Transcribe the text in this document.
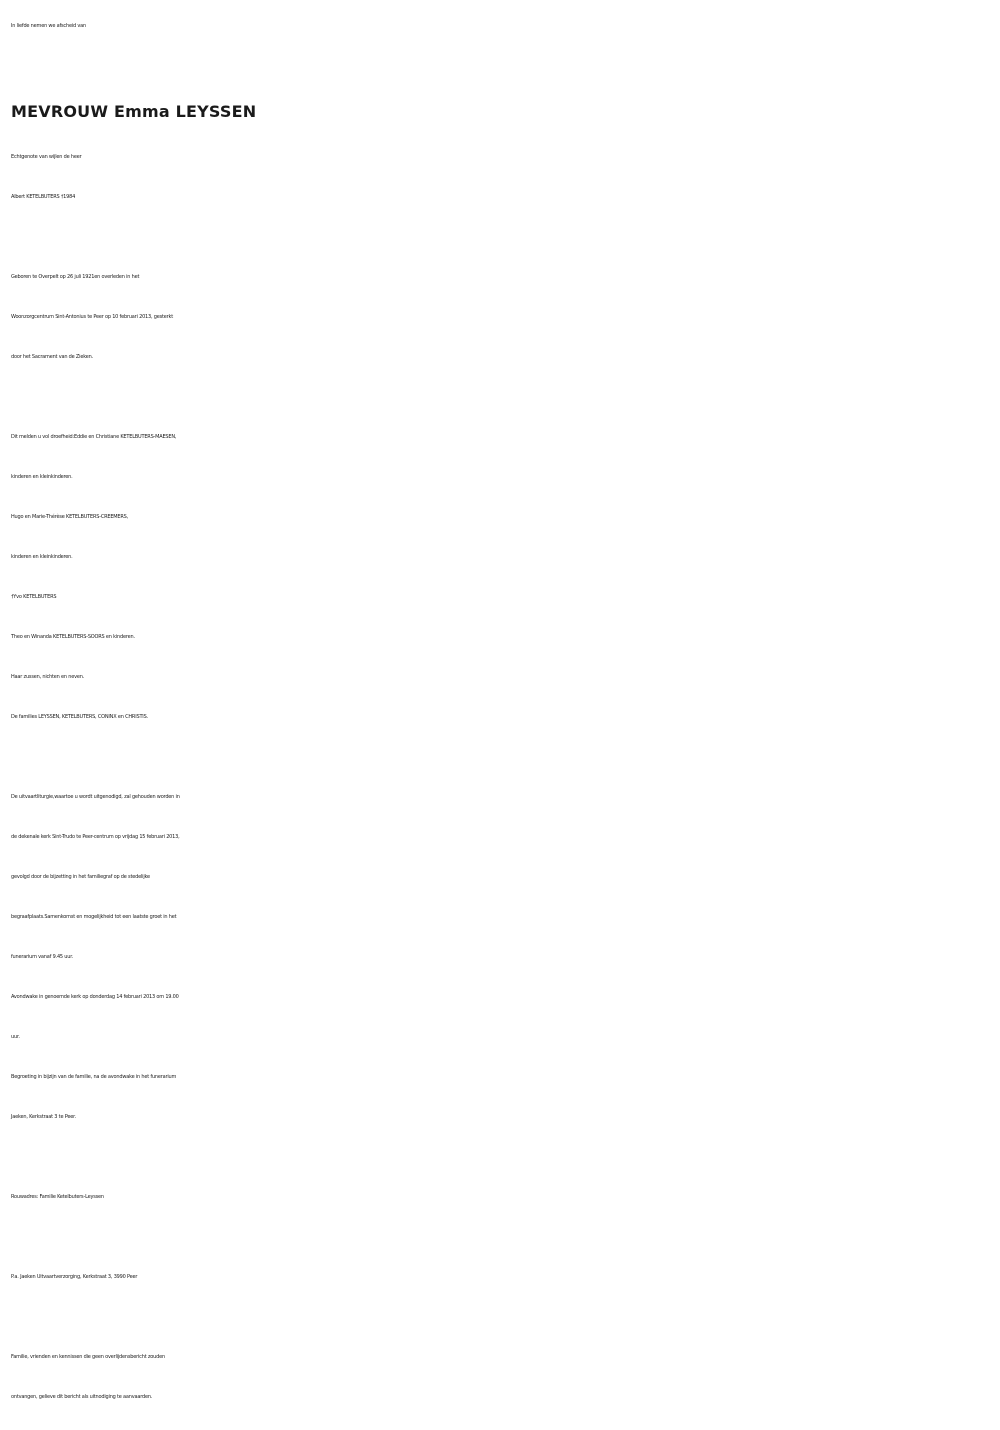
In liefde nemen we afscheid van
MEVROUW Emma LEYSSEN
Echtgenote van wijlen de heer
Albert KETELBUTERS †1984
Geboren te Overpelt op 26 juli 1921en overleden in het
Woonzorgcentrum Sint-Antonius te Peer op 10 februari 2013, gesterkt
door het Sacrament van de Zieken.
Dit melden u vol droefheid:Eddie en Christiane KETELBUTERS-MAESEN,
kinderen en kleinkinderen.
Hugo en Marie-Thérèse KETELBUTERS-CREEMERS,
kinderen en kleinkinderen.
†Yvo KETELBUTERS
Theo en Winanda KETELBUTERS-SOORS en kinderen.
Haar zussen, nichten en neven.
De families LEYSSEN, KETELBUTERS, CONINX en CHRISTIS.
De uitvaartliturgie,waartoe u wordt uitgenodigd, zal gehouden worden in
de dekenale kerk Sint-Trudo te Peer-centrum op vrijdag 15 februari 2013,
gevolgd door de bijzetting in het familiegraf op de stedelijke
begraafplaats.Samenkomst en mogelijkheid tot een laatste groet in het
funerarium vanaf 9.45 uur.
Avondwake in genoemde kerk op donderdag 14 februari 2013 om 19.00
uur.
Begroeting in bijzijn van de familie, na de avondwake in het funerarium
Jaeken, Kerkstraat 3 te Peer.
Rouwadres: Familie Ketelbuters-Leyssen
P.a. Jaeken Uitvaartverzorging, Kerkstraat 3, 3990 Peer
Familie, vrienden en kennissen die geen overlijdensbericht zouden
ontvangen, gelieve dit bericht als uitnodiging te aanvaarden.
